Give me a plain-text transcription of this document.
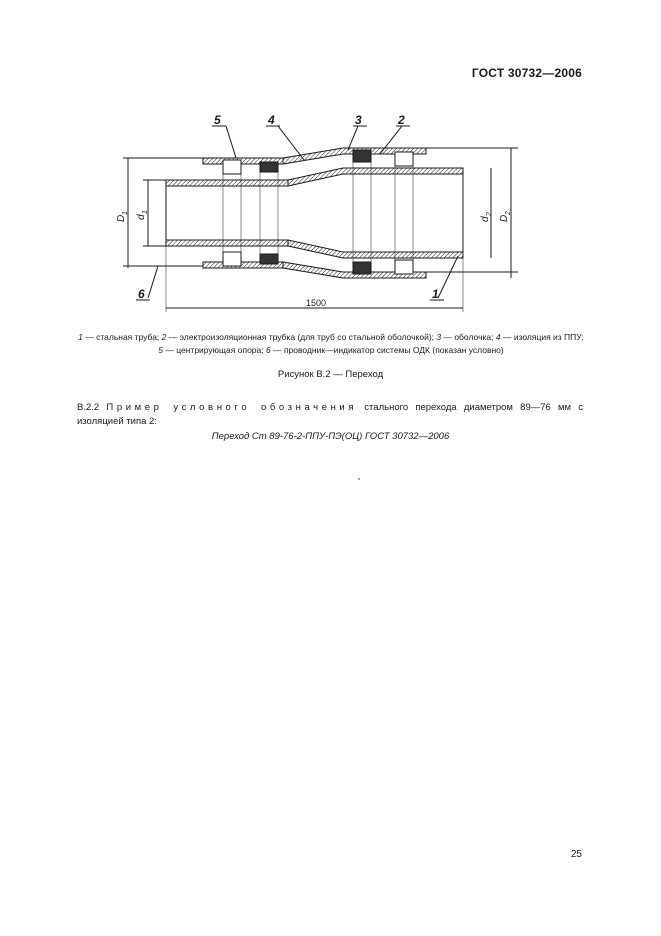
ГОСТ 30732—2006
5	4	3	2
6	1
D
1
d
1
d
2
D
2
1500
1 — стальная труба; 2 — электроизоляционная трубка (для труб со стальной оболочкой); 3 — оболочка; 4 — изоляция из ППУ;
5 — центрирующая опора; 6 — проводник—индикатор системы ОДК (показан условно)
Рисунок В.2 — Переход
В.2.2 Пример условного обозначения стального перехода диаметром 89—76 мм с изоляцией типа 2:
Переход Ст 89-76-2-ППУ-ПЭ(ОЦ) ГОСТ 30732—2006
25
